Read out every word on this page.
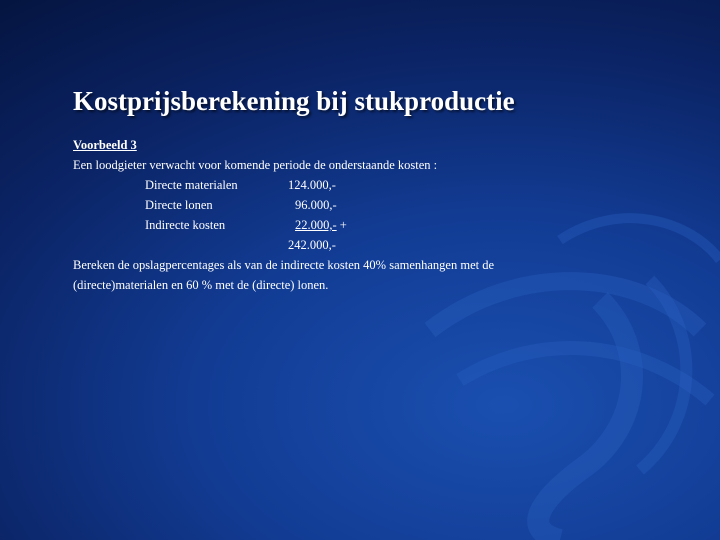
Kostprijsberekening bij stukproductie
Voorbeeld 3
Een loodgieter verwacht voor komende periode de onderstaande kosten :
Directe materialen	124.000,-
Directe lonen	96.000,-
Indirecte kosten	22.000,- +
242.000,-
Bereken de opslagpercentages als van de indirecte kosten 40% samenhangen met de (directe)materialen en 60 % met de (directe) lonen.
